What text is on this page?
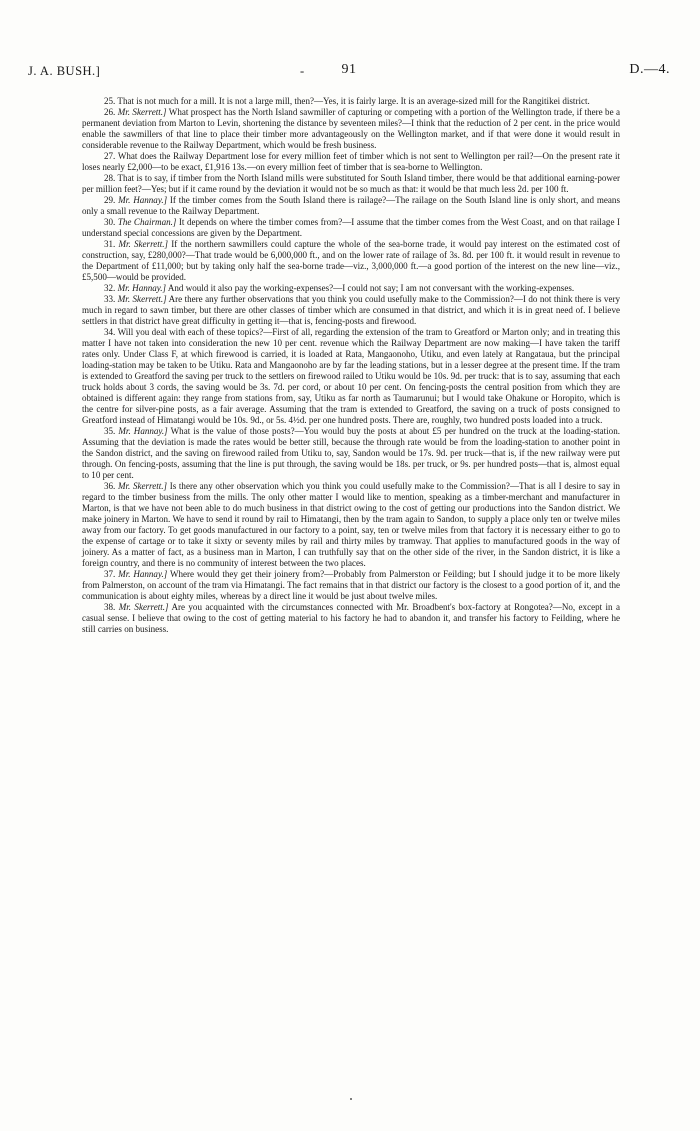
J. A. BUSH.]	-	91	D.—4.

25. That is not much for a mill. It is not a large mill, then?—Yes, it is fairly large. It is an average-sized mill for the Rangitikei district.

26. Mr. Skerrett.] What prospect has the North Island sawmiller of capturing or competing with a portion of the Wellington trade, if there be a permanent deviation from Marton to Levin, shortening the distance by seventeen miles?—I think that the reduction of 2 per cent. in the price would enable the sawmillers of that line to place their timber more advantageously on the Wellington market, and if that were done it would result in considerable revenue to the Railway Department, which would be fresh business.

27. What does the Railway Department lose for every million feet of timber which is not sent to Wellington per rail?—On the present rate it loses nearly £2,000—to be exact, £1,916 13s.—on every million feet of timber that is sea-borne to Wellington.

28. That is to say, if timber from the North Island mills were substituted for South Island timber, there would be that additional earning-power per million feet?—Yes; but if it came round by the deviation it would not be so much as that: it would be that much less 2d. per 100 ft.

29. Mr. Hannay.] If the timber comes from the South Island there is railage?—The railage on the South Island line is only short, and means only a small revenue to the Railway Department.

30. The Chairman.] It depends on where the timber comes from?—I assume that the timber comes from the West Coast, and on that railage I understand special concessions are given by the Department.

31. Mr. Skerrett.] If the northern sawmillers could capture the whole of the sea-borne trade, it would pay interest on the estimated cost of construction, say, £280,000?—That trade would be 6,000,000 ft., and on the lower rate of railage of 3s. 8d. per 100 ft. it would result in revenue to the Department of £11,000; but by taking only half the sea-borne trade—viz., 3,000,000 ft.—a good portion of the interest on the new line—viz., £5,500—would be provided.

32. Mr. Hannay.] And would it also pay the working-expenses?—I could not say; I am not conversant with the working-expenses.

33. Mr. Skerrett.] Are there any further observations that you think you could usefully make to the Commission?—I do not think there is very much in regard to sawn timber, but there are other classes of timber which are consumed in that district, and which it is in great need of. I believe settlers in that district have great difficulty in getting it—that is, fencing-posts and firewood.

34. Will you deal with each of these topics?—First of all, regarding the extension of the tram to Greatford or Marton only; and in treating this matter I have not taken into consideration the new 10 per cent. revenue which the Railway Department are now making—I have taken the tariff rates only. Under Class F, at which firewood is carried, it is loaded at Rata, Mangaonoho, Utiku, and even lately at Rangataua, but the principal loading-station may be taken to be Utiku. Rata and Mangaonoho are by far the leading stations, but in a lesser degree at the present time. If the tram is extended to Greatford the saving per truck to the settlers on firewood railed to Utiku would be 10s. 9d. per truck: that is to say, assuming that each truck holds about 3 cords, the saving would be 3s. 7d. per cord, or about 10 per cent. On fencing-posts the central position from which they are obtained is different again: they range from stations from, say, Utiku as far north as Taumarunui; but I would take Ohakune or Horopito, which is the centre for silver-pine posts, as a fair average. Assuming that the tram is extended to Greatford, the saving on a truck of posts consigned to Greatford instead of Himatangi would be 10s. 9d., or 5s. 4½d. per one hundred posts. There are, roughly, two hundred posts loaded into a truck.

35. Mr. Hannay.] What is the value of those posts?—You would buy the posts at about £5 per hundred on the truck at the loading-station. Assuming that the deviation is made the rates would be better still, because the through rate would be from the loading-station to another point in the Sandon district, and the saving on firewood railed from Utiku to, say, Sandon would be 17s. 9d. per truck—that is, if the new railway were put through. On fencing-posts, assuming that the line is put through, the saving would be 18s. per truck, or 9s. per hundred posts—that is, almost equal to 10 per cent.

36. Mr. Skerrett.] Is there any other observation which you think you could usefully make to the Commission?—That is all I desire to say in regard to the timber business from the mills. The only other matter I would like to mention, speaking as a timber-merchant and manufacturer in Marton, is that we have not been able to do much business in that district owing to the cost of getting our productions into the Sandon district. We make joinery in Marton. We have to send it round by rail to Himatangi, then by the tram again to Sandon, to supply a place only ten or twelve miles away from our factory. To get goods manufactured in our factory to a point, say, ten or twelve miles from that factory it is necessary either to go to the expense of cartage or to take it sixty or seventy miles by rail and thirty miles by tramway. That applies to manufactured goods in the way of joinery. As a matter of fact, as a business man in Marton, I can truthfully say that on the other side of the river, in the Sandon district, it is like a foreign country, and there is no community of interest between the two places.

37. Mr. Hannay.] Where would they get their joinery from?—Probably from Palmerston or Feilding; but I should judge it to be more likely from Palmerston, on account of the tram via Himatangi. The fact remains that in that district our factory is the closest to a good portion of it, and the communication is about eighty miles, whereas by a direct line it would be just about twelve miles.

38. Mr. Skerrett.] Are you acquainted with the circumstances connected with Mr. Broadbent's box-factory at Rongotea?—No, except in a casual sense. I believe that owing to the cost of getting material to his factory he had to abandon it, and transfer his factory to Feilding, where he still carries on business.
